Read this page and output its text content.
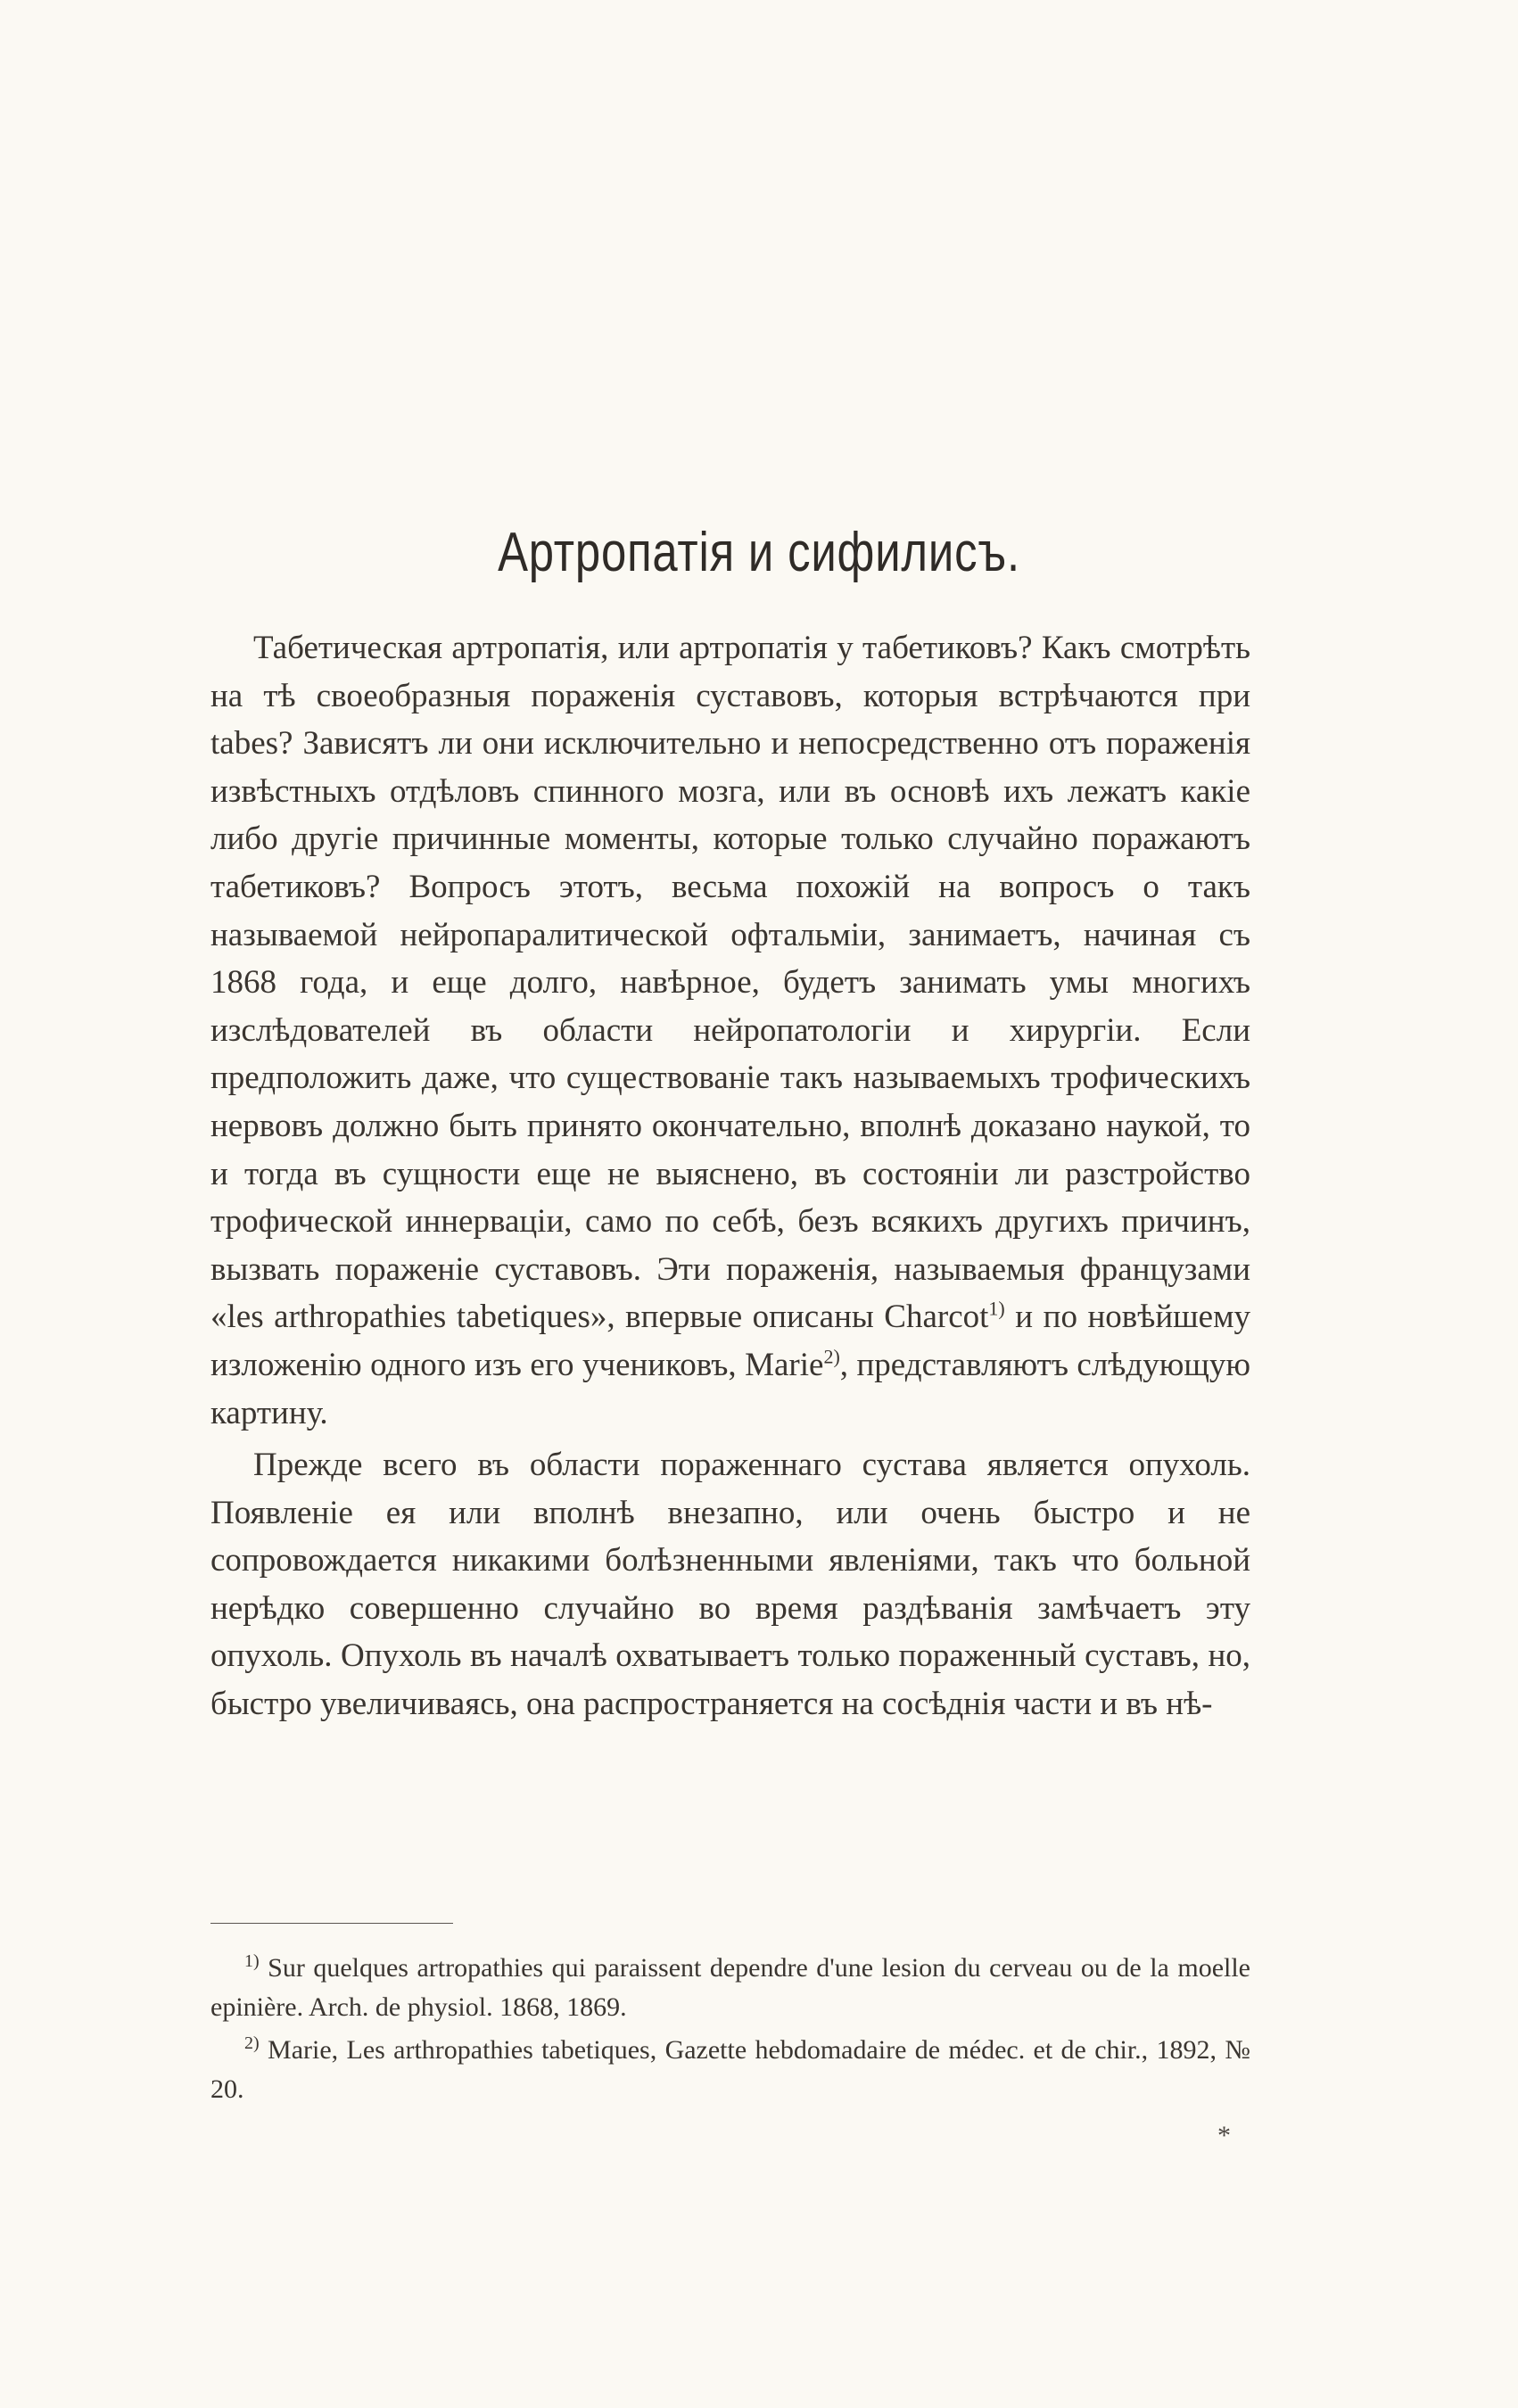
Артропатія и сифилисъ.

Табетическая артропатія, или артропатія у табетиковъ? Какъ смотрѣть на тѣ своеобразныя пораженія суставовъ, которыя встрѣчаются при tabes? Зависятъ ли они исключительно и непосредственно отъ пораженія извѣстныхъ отдѣловъ спинного мозга, или въ основѣ ихъ лежатъ какіе либо другіе причинные моменты, которые только случайно поражаютъ табетиковъ? Вопросъ этотъ, весьма похожій на вопросъ о такъ называемой нейропаралитической офтальміи, занимаетъ, начиная съ 1868 года, и еще долго, навѣрное, будетъ занимать умы многихъ изслѣдователей въ области нейропатологіи и хирургіи. Если предположить даже, что существованіе такъ называемыхъ трофическихъ нервовъ должно быть принято окончательно, вполнѣ доказано наукой, то и тогда въ сущности еще не выяснено, въ состояніи ли разстройство трофической иннерваціи, само по себѣ, безъ всякихъ другихъ причинъ, вызвать пораженіе суставовъ. Эти пораженія, называемыя французами «les arthropathies tabetiques», впервые описаны Charcot$^{1)}$ и по новѣйшему изложенію одного изъ его учениковъ, Marie$^{2)}$, представляютъ слѣдующую картину.

Прежде всего въ области пораженнаго сустава является опухоль. Появленіе ея или вполнѣ внезапно, или очень быстро и не сопровождается никакими болѣзненными явленіями, такъ что больной нерѣдко совершенно случайно во время раздѣванія замѣчаетъ эту опухоль. Опухоль въ началѣ охватываетъ только пораженный суставъ, но, быстро увеличиваясь, она распространяется на сосѣднія части и въ нѣ-

$^{1)}$ Sur quelques artropathies qui paraissent dependre d'une lesion du cerveau ou de la moelle epinière. Arch. de physiol. 1868, 1869.

$^{2)}$ Marie, Les arthropathies tabetiques, Gazette hebdomadaire de médec. et de chir., 1892, № 20.

*
